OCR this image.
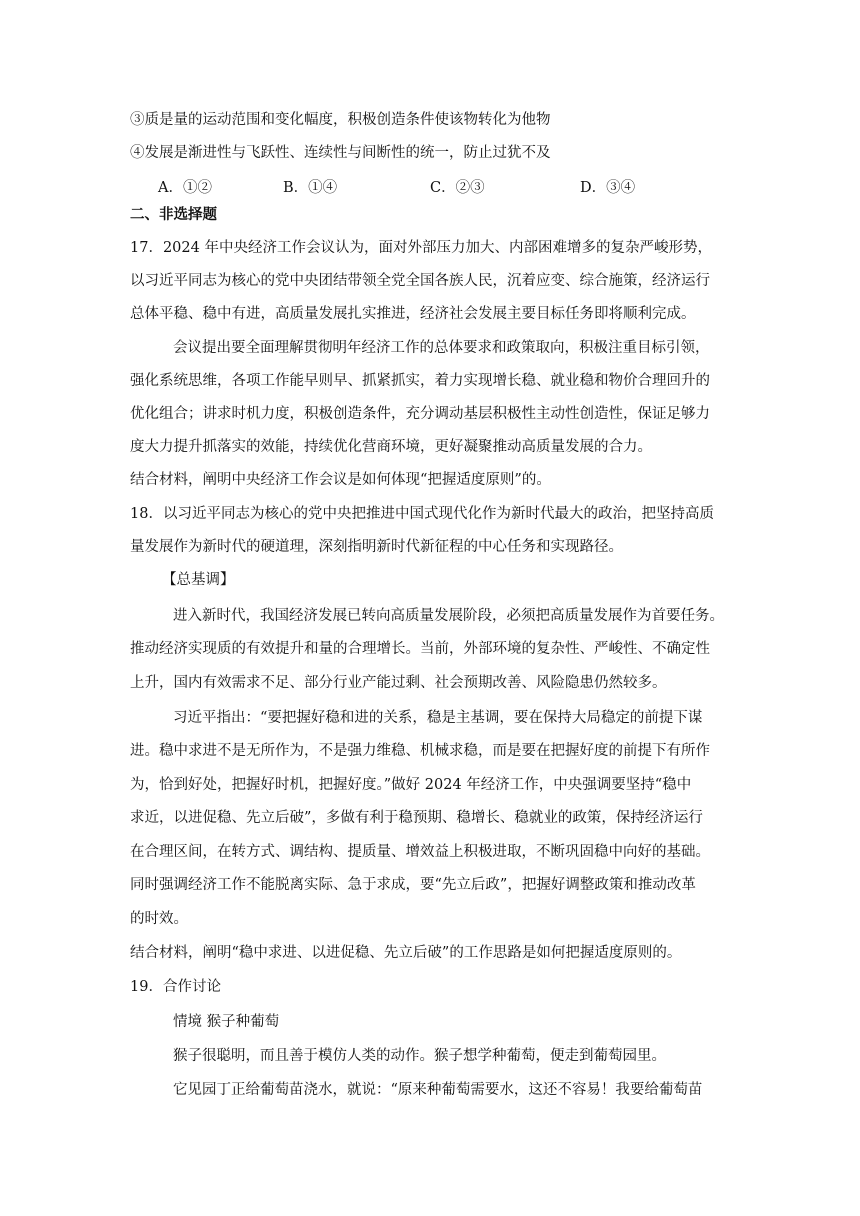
③质是量的运动范围和变化幅度，积极创造条件使该物转化为他物
④发展是渐进性与飞跃性、连续性与间断性的统一，防止过犹不及
A．①②	B．①④	C．②③	D．③④
二、非选择题
17．2024 年中央经济工作会议认为，面对外部压力加大、内部困难增多的复杂严峻形势，
以习近平同志为核心的党中央团结带领全党全国各族人民，沉着应变、综合施策，经济运行
总体平稳、稳中有进，高质量发展扎实推进，经济社会发展主要目标任务即将顺利完成。
会议提出要全面理解贯彻明年经济工作的总体要求和政策取向，积极注重目标引领，
强化系统思维，各项工作能早则早、抓紧抓实，着力实现增长稳、就业稳和物价合理回升的
优化组合；讲求时机力度，积极创造条件，充分调动基层积极性主动性创造性，保证足够力
度大力提升抓落实的效能，持续优化营商环境，更好凝聚推动高质量发展的合力。
结合材料，阐明中央经济工作会议是如何体现“把握适度原则”的。
18．以习近平同志为核心的党中央把推进中国式现代化作为新时代最大的政治，把坚持高质
量发展作为新时代的硬道理，深刻指明新时代新征程的中心任务和实现路径。
【总基调】
进入新时代，我国经济发展已转向高质量发展阶段，必须把高质量发展作为首要任务。
推动经济实现质的有效提升和量的合理增长。当前，外部环境的复杂性、严峻性、不确定性
上升，国内有效需求不足、部分行业产能过剩、社会预期改善、风险隐患仍然较多。
习近平指出：“要把握好稳和进的关系，稳是主基调，要在保持大局稳定的前提下谋
进。稳中求进不是无所作为，不是强力维稳、机械求稳，而是要在把握好度的前提下有所作
为，恰到好处，把握好时机，把握好度。”做好 2024 年经济工作，中央强调要坚持“稳中
求近，以进促稳、先立后破”，多做有利于稳预期、稳增长、稳就业的政策，保持经济运行
在合理区间，在转方式、调结构、提质量、增效益上积极进取，不断巩固稳中向好的基础。
同时强调经济工作不能脱离实际、急于求成，要“先立后政”，把握好调整政策和推动改革
的时效。
结合材料，阐明“稳中求进、以进促稳、先立后破”的工作思路是如何把握适度原则的。
19．合作讨论
情境 猴子种葡萄
猴子很聪明，而且善于模仿人类的动作。猴子想学种葡萄，便走到葡萄园里。
它见园丁正给葡萄苗浇水，就说：“原来种葡萄需要水，这还不容易！我要给葡萄苗
